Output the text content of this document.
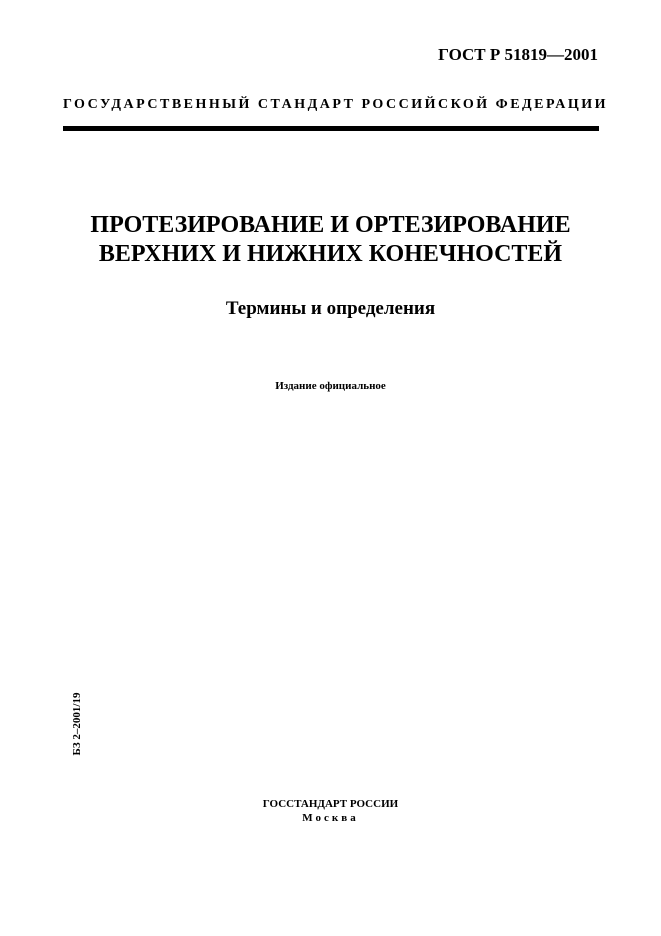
ГОСТ Р 51819—2001
ГОСУДАРСТВЕННЫЙ СТАНДАРТ РОССИЙСКОЙ ФЕДЕРАЦИИ
ПРОТЕЗИРОВАНИЕ И ОРТЕЗИРОВАНИЕ
ВЕРХНИХ И НИЖНИХ КОНЕЧНОСТЕЙ
Термины и определения
Издание официальное
БЗ 2–2001/19
ГОССТАНДАРТ РОССИИ
Москва
